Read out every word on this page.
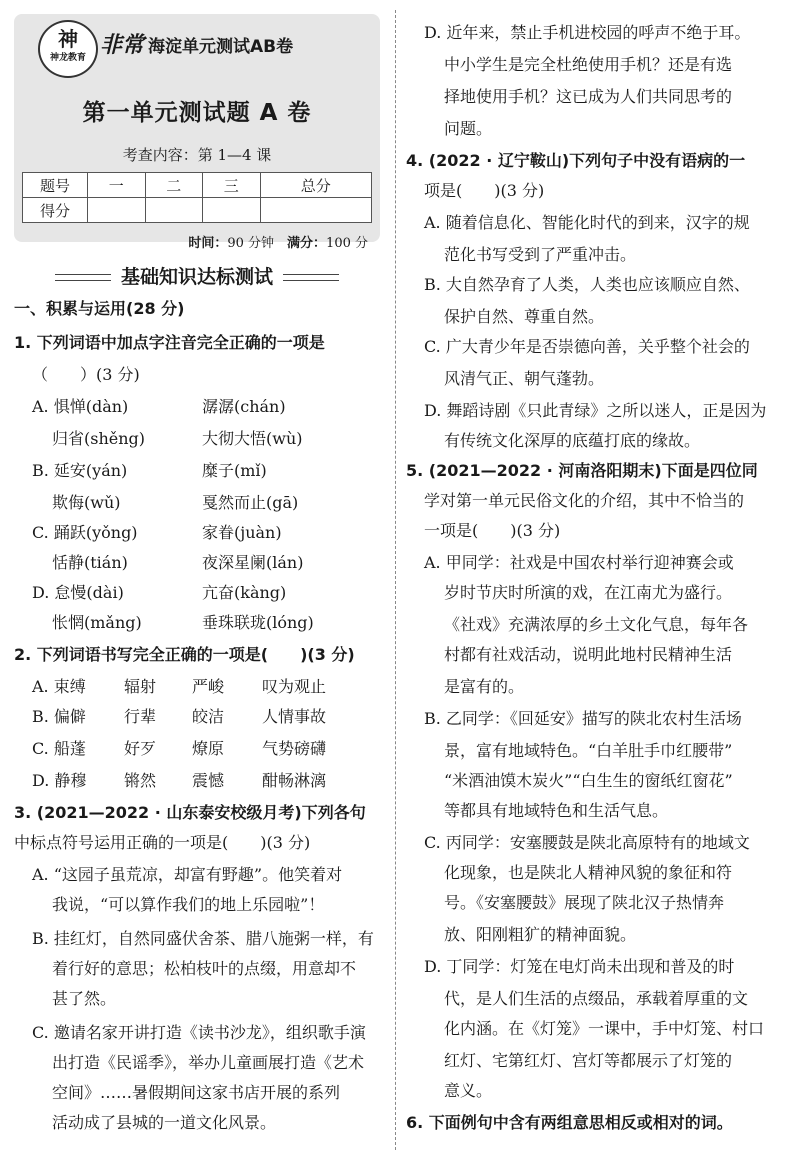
神
神龙教育 非常 海淀单元测试AB卷
第一单元测试题 A 卷
考查内容：第 1—4 课
题号	一	二	三	总分
得分				
时间：90 分钟　 满分：100 分
基础知识达标测试
一、积累与运用(28 分)
1. 下列词语中加点字注音完全正确的一项是
（　　）(3 分)
A. 惧惮(dàn)	潺潺(chán)
归省(shěng)	大彻大悟(wù)
B. 延安(yán)	糜子(mǐ)
欺侮(wǔ)	戛然而止(gā)
C. 踊跃(yǒng)	家眷(juàn)
恬静(tián)	夜深星阑(lán)
D. 怠慢(dài)	亢奋(kàng)
怅惘(mǎng)	垂珠联珑(lóng)
2. 下列词语书写完全正确的一项是(　　)(3 分)
A. 束缚 辐射 严峻 叹为观止
B. 偏僻 行辈 皎洁 人情事故
C. 船蓬 好歹 燎原 气势磅礴
D. 静穆 锵然 震憾 酣畅淋漓
3. (2021—2022 · 山东泰安校级月考)下列各句
中标点符号运用正确的一项是(　　)(3 分)
A. “这园子虽荒凉，却富有野趣”。他笑着对
我说，“可以算作我们的地上乐园啦”！
B. 挂红灯，自然同盛伏舍茶、腊八施粥一样，有
着行好的意思；松柏枝叶的点缀，用意却不
甚了然。
C. 邀请名家开讲打造《读书沙龙》，组织歌手演
出打造《民谣季》，举办儿童画展打造《艺术
空间》……暑假期间这家书店开展的系列
活动成了县城的一道文化风景。
D. 近年来，禁止手机进校园的呼声不绝于耳。
中小学生是完全杜绝使用手机？还是有选
择地使用手机？这已成为人们共同思考的
问题。
4. (2022 · 辽宁鞍山)下列句子中没有语病的一
项是(　　)(3 分)
A. 随着信息化、智能化时代的到来，汉字的规
范化书写受到了严重冲击。
B. 大自然孕育了人类，人类也应该顺应自然、
保护自然、尊重自然。
C. 广大青少年是否崇德向善，关乎整个社会的
风清气正、朝气蓬勃。
D. 舞蹈诗剧《只此青绿》之所以迷人，正是因为
有传统文化深厚的底蕴打底的缘故。
5. (2021—2022 · 河南洛阳期末)下面是四位同
学对第一单元民俗文化的介绍，其中不恰当的
一项是(　　)(3 分)
A. 甲同学：社戏是中国农村举行迎神赛会或
岁时节庆时所演的戏，在江南尤为盛行。
《社戏》充满浓厚的乡土文化气息，每年各
村都有社戏活动，说明此地村民精神生活
是富有的。
B. 乙同学：《回延安》描写的陕北农村生活场
景，富有地域特色。“白羊肚手巾红腰带”
“米酒油馍木炭火”“白生生的窗纸红窗花”
等都具有地域特色和生活气息。
C. 丙同学：安塞腰鼓是陕北高原特有的地域文
化现象，也是陕北人精神风貌的象征和符
号。《安塞腰鼓》展现了陕北汉子热情奔
放、阳刚粗犷的精神面貌。
D. 丁同学：灯笼在电灯尚未出现和普及的时
代，是人们生活的点缀品，承载着厚重的文
化内涵。在《灯笼》一课中，手中灯笼、村口
红灯、宅第红灯、宫灯等都展示了灯笼的
意义。
6. 下面例句中含有两组意思相反或相对的词。
